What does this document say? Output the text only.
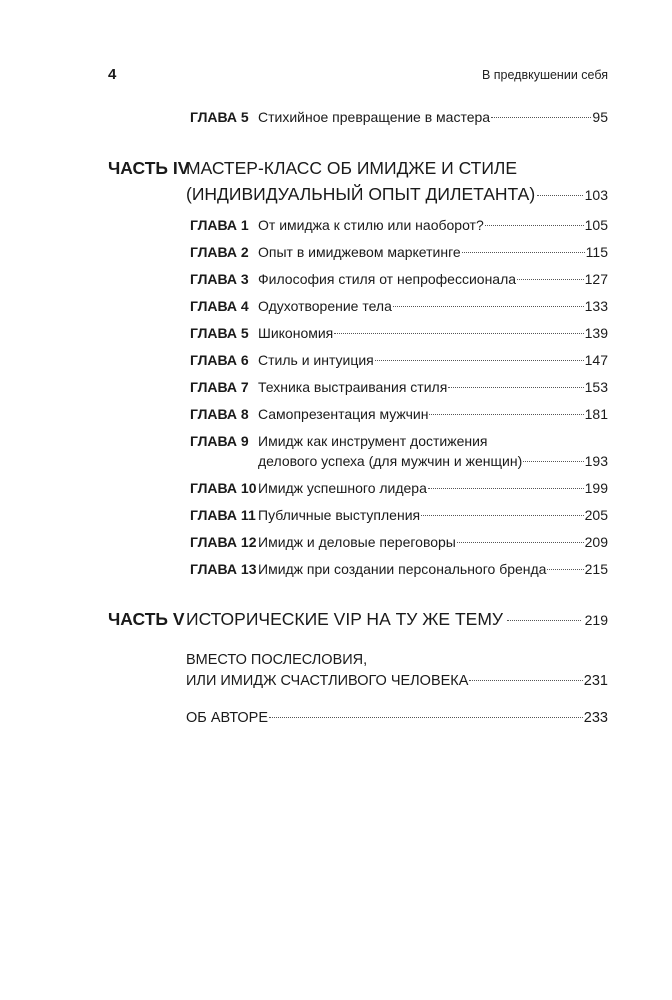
4	В предвкушении себя
ГЛАВА 5 Стихийное превращение в мастера	95
ЧАСТЬ IV
МАСТЕР-КЛАСС ОБ ИМИДЖЕ И СТИЛЕ
(ИНДИВИДУАЛЬНЫЙ ОПЫТ ДИЛЕТАНТА)	103
ГЛАВА 1 От имиджа к стилю или наоборот?	105
ГЛАВА 2 Опыт в имиджевом маркетинге	115
ГЛАВА 3 Философия стиля от непрофессионала	127
ГЛАВА 4 Одухотворение тела	133
ГЛАВА 5 Шикономия	139
ГЛАВА 6 Стиль и интуиция	147
ГЛАВА 7 Техника выстраивания стиля	153
ГЛАВА 8 Самопрезентация мужчин	181
ГЛАВА 9 Имидж как инструмент достижения
делового успеха (для мужчин и женщин)	193
ГЛАВА 10 Имидж успешного лидера	199
ГЛАВА 11 Публичные выступления	205
ГЛАВА 12 Имидж и деловые переговоры	209
ГЛАВА 13 Имидж при создании персонального бренда	215
ЧАСТЬ V ИСТОРИЧЕСКИЕ VIP НА ТУ ЖЕ ТЕМУ	219
ВМЕСТО ПОСЛЕСЛОВИЯ,
ИЛИ ИМИДЖ СЧАСТЛИВОГО ЧЕЛОВЕКА	231
ОБ АВТОРЕ	233
